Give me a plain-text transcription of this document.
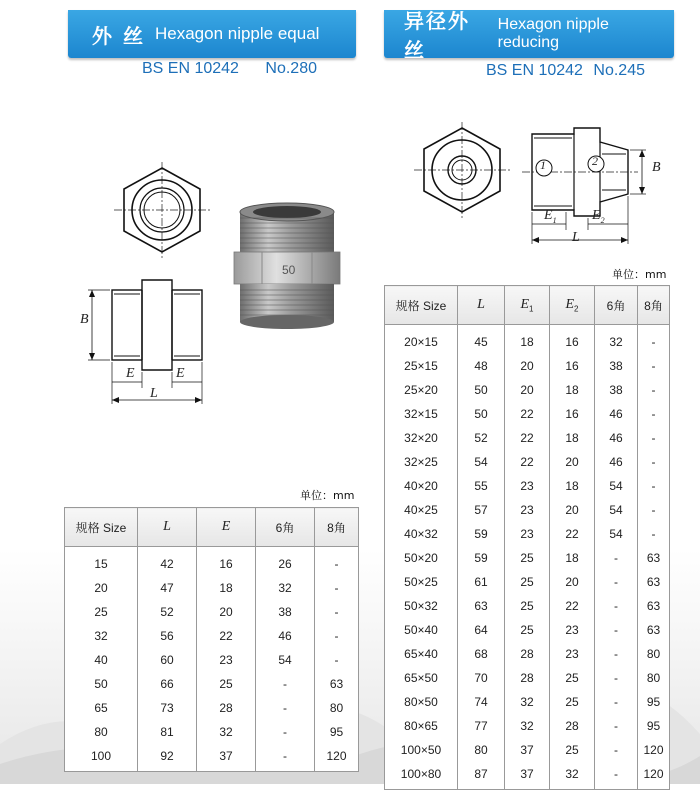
外 丝 Hexagon nipple equal
BS EN 10242 No.280
异径外丝
Hexagon nipple reducing
BS EN 10242 No.245
B
E	E
L
50
B
1	2
$E_1$	$E_2$
L
单位：mm
单位：mm
规格 Size	L	E	6角	8角
15	42	16	26	-
20	47	18	32	-
25	52	20	38	-
32	56	22	46	-
40	60	23	54	-
50	66	25	-	63
65	73	28	-	80
80	81	32	-	95
100	92	37	-	120
规格 Size	L	$E_1$	$E_2$	6角	8角
20×15	45	18	16	32	-
25×15	48	20	16	38	-
25×20	50	20	18	38	-
32×15	50	22	16	46	-
32×20	52	22	18	46	-
32×25	54	22	20	46	-
40×20	55	23	18	54	-
40×25	57	23	20	54	-
40×32	59	23	22	54	-
50×20	59	25	18	-	63
50×25	61	25	20	-	63
50×32	63	25	22	-	63
50×40	64	25	23	-	63
65×40	68	28	23	-	80
65×50	70	28	25	-	80
80×50	74	32	25	-	95
80×65	77	32	28	-	95
100×50	80	37	25	-	120
100×80	87	37	32	-	120
